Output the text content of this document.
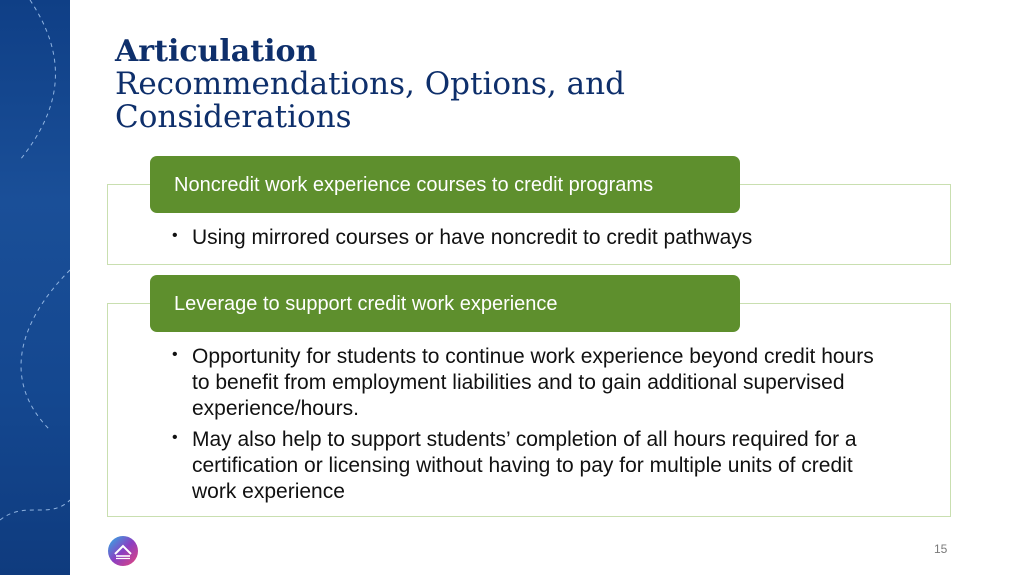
Articulation
Recommendations, Options, and Considerations
Noncredit work experience courses to credit programs
• Using mirrored courses or have noncredit to credit pathways
Leverage to support credit work experience
• Opportunity for students to continue work experience beyond credit hours to benefit from employment liabilities and to gain additional supervised experience/hours.
• May also help to support students’ completion of all hours required for a certification or licensing without having to pay for multiple units of credit work experience
15
